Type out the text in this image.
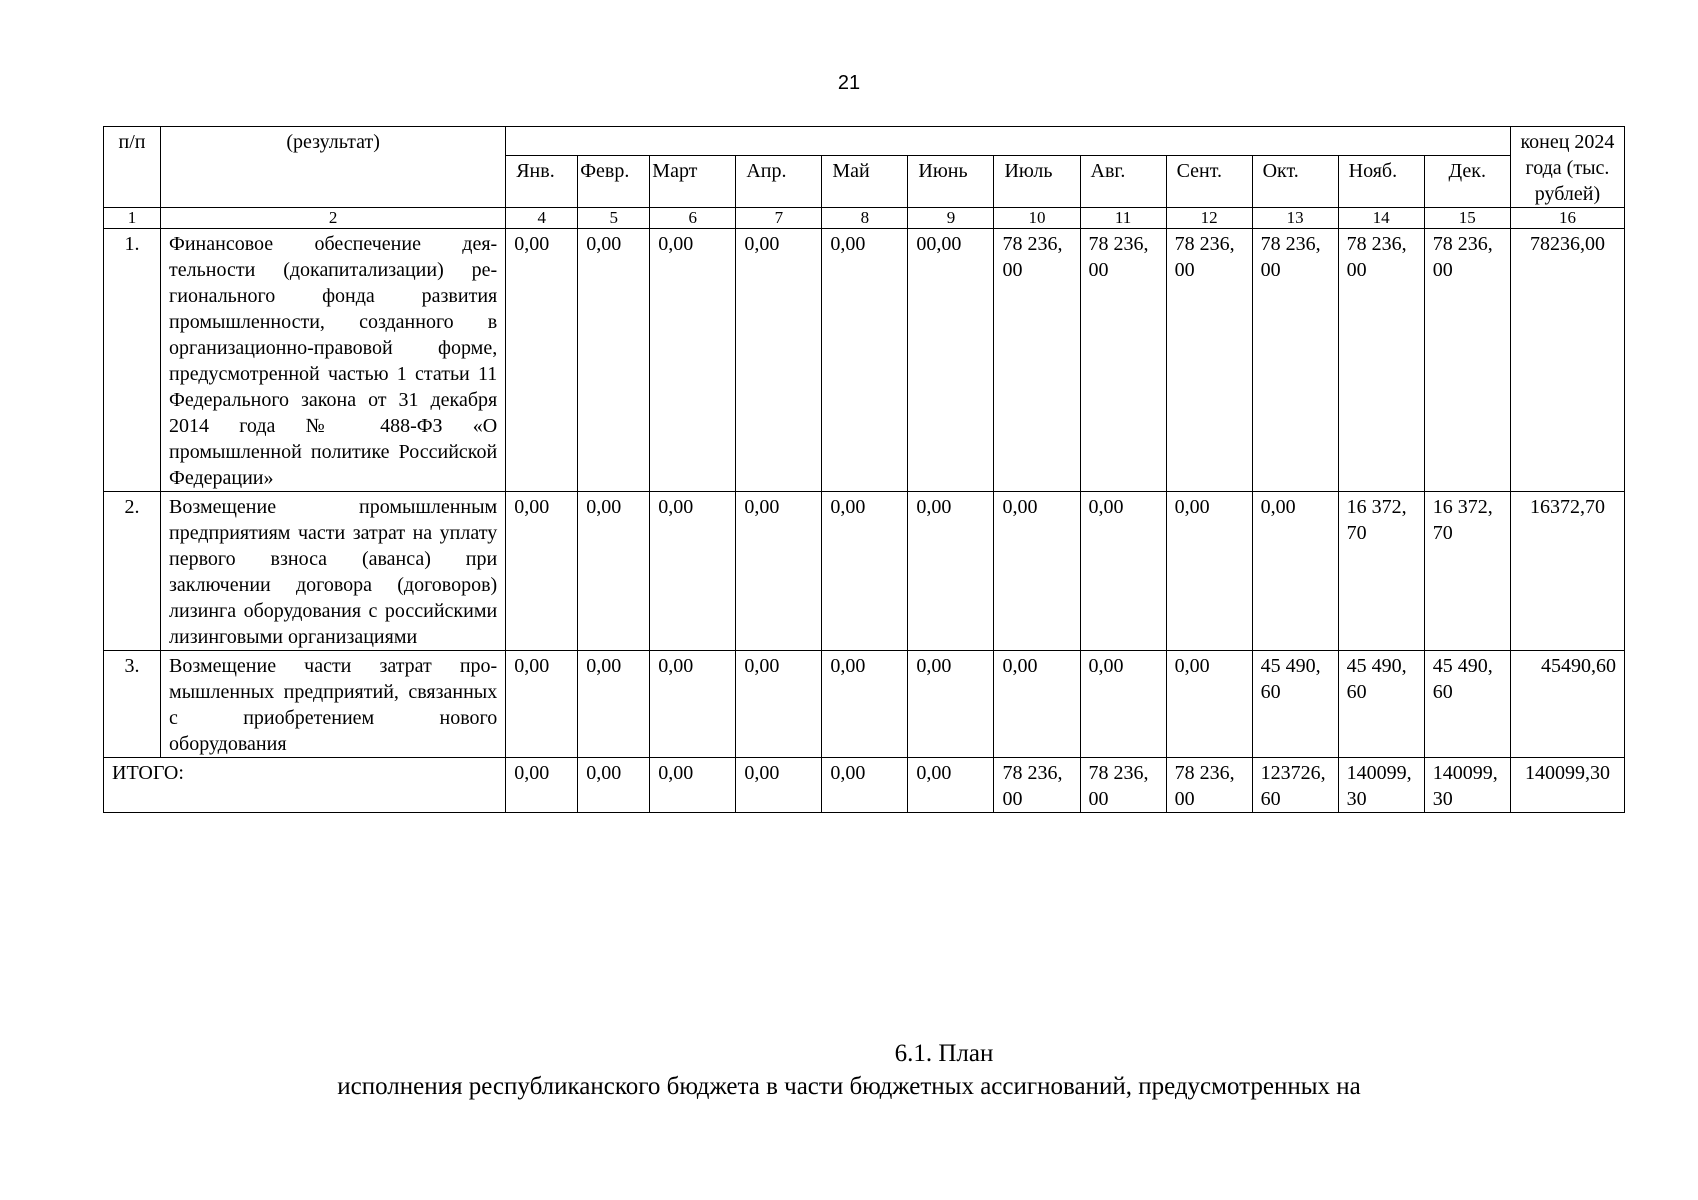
21
п/п	(результат)													конец 2024 года (тыс. рублей)
		Янв.	Февр.	Март	Апр.	Май	Июнь	Июль	Авг.	Сент.	Окт.	Нояб.	Дек.	
1	2	4	5	6	7	8	9	10	11	12	13	14	15	16
1.	Финансовое обеспечение деятельности (докапитализации) регионального фонда развития промышленности, созданного в организационно-правовой форме, предусмотренной частью 1 статьи 11 Федерального закона от 31 декабря 2014 года № 488-ФЗ «О промышленной политике Российской Федерации»	0,00	0,00	0,00	0,00	0,00	00,00	78 236, 00	78 236, 00	78 236, 00	78 236, 00	78 236, 00	78 236, 00	78236,00
2.	Возмещение промышленным предприятиям части затрат на уплату первого взноса (аванса) при заключении договора (договоров) лизинга оборудования с российскими лизинговыми организациями	0,00	0,00	0,00	0,00	0,00	0,00	0,00	0,00	0,00	0,00	16 372, 70	16 372, 70	16372,70
3.	Возмещение части затрат промышленных предприятий, связанных с приобретением нового оборудования	0,00	0,00	0,00	0,00	0,00	0,00	0,00	0,00	0,00	45 490, 60	45 490, 60	45 490, 60	45490,60
ИТОГО:		0,00	0,00	0,00	0,00	0,00	0,00	78 236, 00	78 236, 00	78 236, 00	123726, 60	140099, 30	140099, 30	140099,30
6.1. План
исполнения республиканского бюджета в части бюджетных ассигнований, предусмотренных на
